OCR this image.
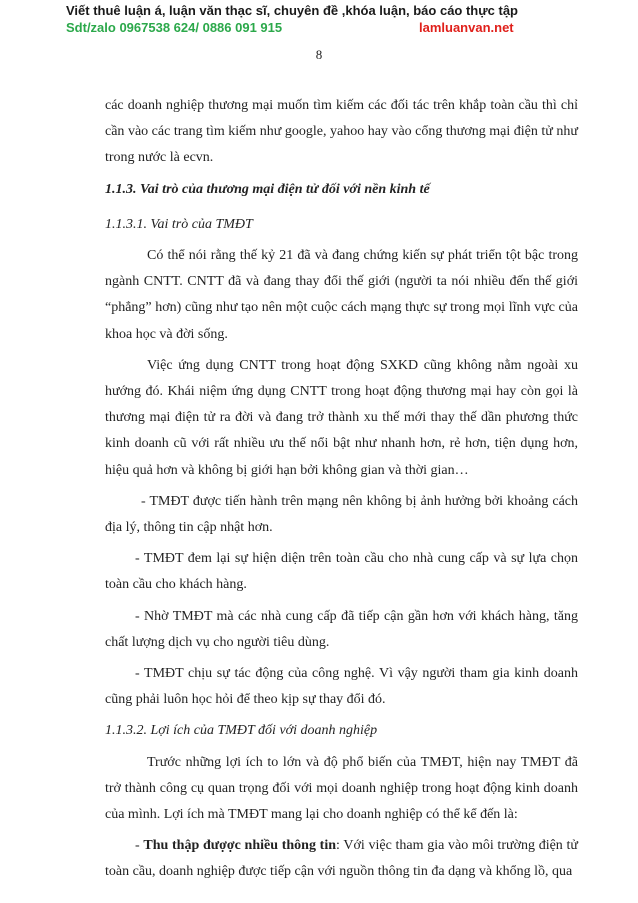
Viết thuê luận á, luận văn thạc sĩ, chuyên đề ,khóa luận, báo cáo thực tập
Sdt/zalo 0967538 624/ 0886 091 915	lamluanvan.net
8

các doanh nghiệp thương mại muốn tìm kiếm các đối tác trên khắp toàn cầu thì chỉ cần vào các trang tìm kiếm như google, yahoo hay vào cổng thương mại điện tử như trong nước là ecvn.

1.1.3. Vai trò của thương mại điện tử đối với nền kinh tế

1.1.3.1. Vai trò của TMĐT

Có thể nói rằng thế kỷ 21 đã và đang chứng kiến sự phát triển tột bậc trong ngành CNTT. CNTT đã và đang thay đổi thế giới (người ta nói nhiều đến thế giới “phẳng” hơn) cũng như tạo nên một cuộc cách mạng thực sự trong mọi lĩnh vực của khoa học và đời sống.

Việc ứng dụng CNTT trong hoạt động SXKD cũng không nằm ngoài xu hướng đó. Khái niệm ứng dụng CNTT trong hoạt động thương mại hay còn gọi là thương mại điện tử ra đời và đang trở thành xu thế mới thay thế dần phương thức kinh doanh cũ với rất nhiều ưu thế nổi bật như nhanh hơn, rẻ hơn, tiện dụng hơn, hiệu quả hơn và không bị giới hạn bởi không gian và thời gian…

- TMĐT được tiến hành trên mạng nên không bị ảnh hưởng bởi khoảng cách địa lý, thông tin cập nhật hơn.

- TMĐT đem lại sự hiện diện trên toàn cầu cho nhà cung cấp và sự lựa chọn toàn cầu cho khách hàng.

- Nhờ TMĐT mà các nhà cung cấp đã tiếp cận gần hơn với khách hàng, tăng chất lượng dịch vụ cho người tiêu dùng.

- TMĐT chịu sự tác động của công nghệ. Vì vậy người tham gia kinh doanh cũng phải luôn học hỏi để theo kịp sự thay đổi đó.

1.1.3.2. Lợi ích của TMĐT đối với doanh nghiệp

Trước những lợi ích to lớn và độ phổ biến của TMĐT, hiện nay TMĐT đã trở thành công cụ quan trọng đối với mọi doanh nghiệp trong hoạt động kinh doanh của mình. Lợi ích mà TMĐT mang lại cho doanh nghiệp có thể kể đến là:

- Thu thập đượợc nhiều thông tin: Với việc tham gia vào môi trường điện tử toàn cầu, doanh nghiệp được tiếp cận với nguồn thông tin đa dạng và khổng lồ, qua
